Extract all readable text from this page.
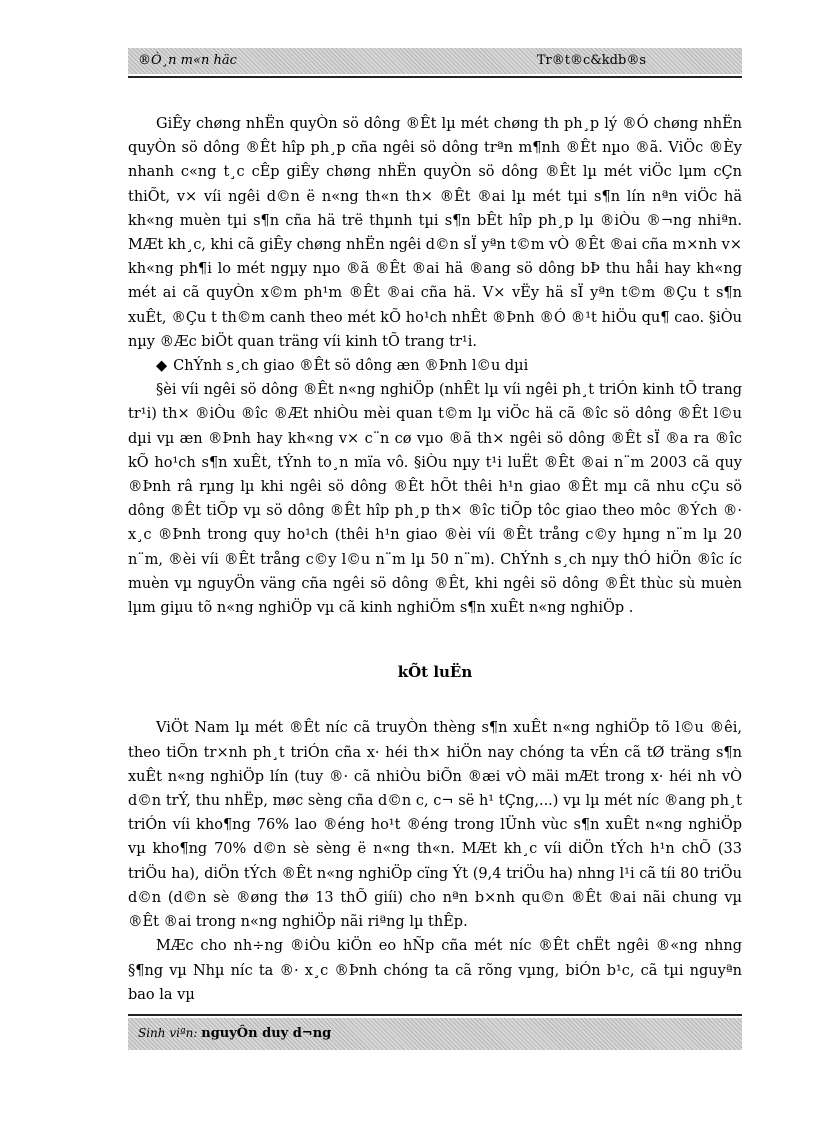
®Ò¸n m«n häc	Tr®t®c&kdb®s

GiÊy chøng nhËn quyÒn sö dông ®Êt lµ mét chøng th ph¸p lý ®Ó chøng nhËn quyÒn sö dông ®Êt hîp ph¸p cña ngêi sö dông trªn m¶nh ®Êt nµo ®ã. ViÖc ®Èy nhanh c«ng t¸c cÊp giÊy chøng nhËn quyÒn sö dông ®Êt lµ mét viÖc lµm cÇn thiÕt, v× víi ngêi d©n ë n«ng th«n th× ®Êt ®ai lµ mét tµi s¶n lín nªn viÖc hä kh«ng muèn tµi s¶n cña hä trë thµnh tµi s¶n bÊt hîp ph¸p lµ ®iÒu ®¬ng nhiªn. MÆt kh¸c, khi cã giÊy chøng nhËn ngêi d©n sÏ yªn t©m vÒ ®Êt ®ai cña m×nh v× kh«ng ph¶i lo mét ngµy nµo ®ã ®Êt ®ai hä ®ang sö dông bÞ thu håi hay kh«ng mét ai cã quyÒn x©m ph¹m ®Êt ®ai cña hä. V× vËy hä sÏ yªn t©m ®Çu t s¶n xuÊt, ®Çu t th©m canh theo mét kÕ ho¹ch nhÊt ®Þnh ®Ó ®¹t hiÖu qu¶ cao. §iÒu nµy ®Æc biÖt quan träng víi kinh tÕ trang tr¹i.

◆ ChÝnh s¸ch giao ®Êt sö dông æn ®Þnh l©u dµi

§èi víi ngêi sö dông ®Êt n«ng nghiÖp (nhÊt lµ víi ngêi ph¸t triÓn kinh tÕ trang tr¹i) th× ®iÒu ®îc ®Æt nhiÒu mèi quan t©m lµ viÖc hä cã ®îc sö dông ®Êt l©u dµi vµ æn ®Þnh hay kh«ng v× c¨n cø vµo ®ã th× ngêi sö dông ®Êt sÏ ®a ra ®îc kÕ ho¹ch s¶n xuÊt, tÝnh to¸n mïa vô. §iÒu nµy t¹i luËt ®Êt ®ai n¨m 2003 cã quy ®Þnh râ rµng lµ khi ngêi sö dông ®Êt hÕt thêi h¹n giao ®Êt mµ cã nhu cÇu sö dông ®Êt tiÕp vµ sö dông ®Êt hîp ph¸p th× ®îc tiÕp tôc giao theo môc ®Ých ®· x¸c ®Þnh trong quy ho¹ch (thêi h¹n giao ®èi víi ®Êt trång c©y hµng n¨m lµ 20 n¨m, ®èi víi ®Êt trång c©y l©u n¨m lµ 50 n¨m). ChÝnh s¸ch nµy thÓ hiÖn ®îc íc muèn vµ nguyÖn väng cña ngêi sö dông ®Êt, khi ngêi sö dông ®Êt thùc sù muèn lµm giµu tõ n«ng nghiÖp vµ cã kinh nghiÖm s¶n xuÊt n«ng nghiÖp .

kÕt luËn

ViÖt Nam lµ mét ®Êt níc cã truyÒn thèng s¶n xuÊt n«ng nghiÖp tõ l©u ®êi, theo tiÕn tr×nh ph¸t triÓn cña x· héi th× hiÖn nay chóng ta vÉn cã tØ träng s¶n xuÊt n«ng nghiÖp lín (tuy ®· cã nhiÒu biÕn ®æi vÒ mäi mÆt trong x· héi nh vÒ d©n trÝ, thu nhËp, møc sèng cña d©n c, c¬ së h¹ tÇng,...) vµ lµ mét níc ®ang ph¸t triÓn víi kho¶ng 76% lao ®éng ho¹t ®éng trong lÜnh vùc s¶n xuÊt n«ng nghiÖp vµ kho¶ng 70% d©n sè sèng ë n«ng th«n. MÆt kh¸c víi diÖn tÝch h¹n chÕ (33 triÖu ha), diÖn tÝch ®Êt n«ng nghiÖp cïng Ýt (9,4 triÖu ha) nhng l¹i cã tíi 80 triÖu d©n (d©n sè ®øng thø 13 thÕ giíi) cho nªn b×nh qu©n ®Êt ®ai nãi chung vµ ®Êt ®ai trong n«ng nghiÖp nãi riªng lµ thÊp.

MÆc cho nh÷ng ®iÒu kiÖn eo hÑp cña mét níc ®Êt chËt ngêi ®«ng nhng §¶ng vµ Nhµ níc ta ®· x¸c ®Þnh chóng ta cã rõng vµng, biÓn b¹c, cã tµi nguyªn bao la vµ

Sinh viªn: nguyÔn duy d¬ng
